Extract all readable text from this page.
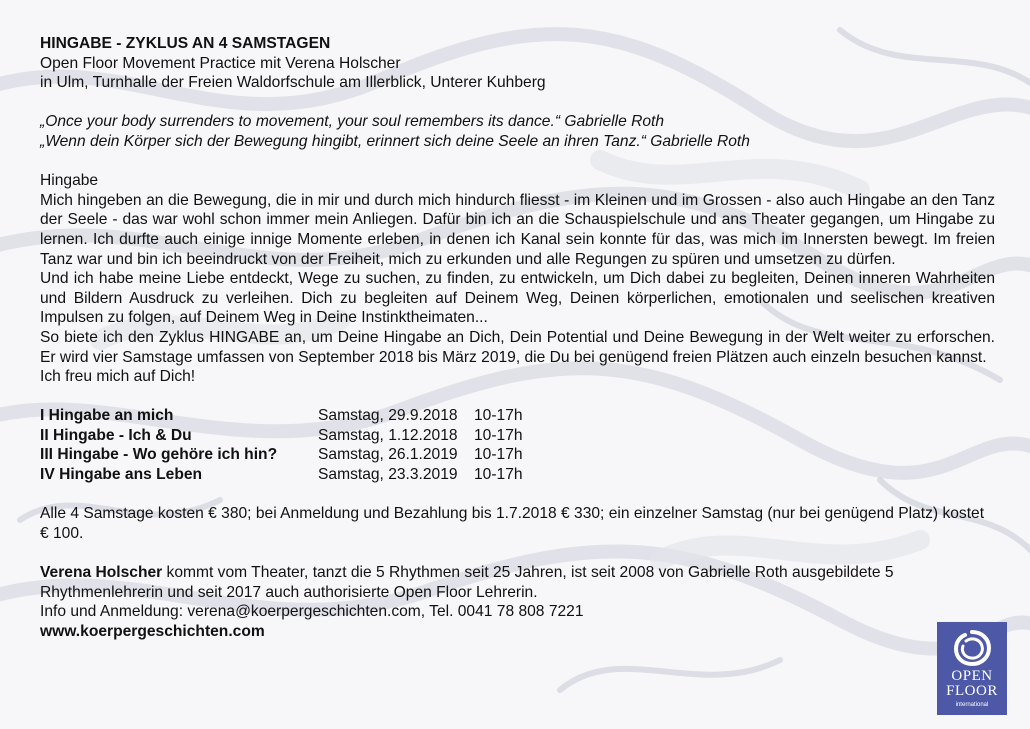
HINGABE - ZYKLUS AN 4 SAMSTAGEN

Open Floor Movement Practice mit Verena Holscher

in Ulm, Turnhalle der Freien Waldorfschule am Illerblick, Unterer Kuhberg

„Once your body surrenders to movement, your soul remembers its dance.“ Gabrielle Roth

„Wenn dein Körper sich der Bewegung hingibt, erinnert sich deine Seele an ihren Tanz.“ Gabrielle Roth

Hingabe

Mich hingeben an die Bewegung, die in mir und durch mich hindurch fliesst - im Kleinen und im Grossen - also auch Hingabe an den Tanz der Seele - das war wohl schon immer mein Anliegen. Dafür bin ich an die Schauspielschule und ans Theater gegangen, um Hingabe zu lernen. Ich durfte auch einige innige Momente erleben, in denen ich Kanal sein konnte für das, was mich im Innersten bewegt. Im freien Tanz war und bin ich beeindruckt von der Freiheit, mich zu erkunden und alle Regungen zu spüren und umsetzen zu dürfen.

Und ich habe meine Liebe entdeckt, Wege zu suchen, zu finden, zu entwickeln, um Dich dabei zu begleiten, Deinen inneren Wahrheiten und Bildern Ausdruck zu verleihen. Dich zu begleiten auf Deinem Weg, Deinen körperlichen, emotionalen und seelischen kreativen Impulsen zu folgen, auf Deinem Weg in Deine Instinktheimaten...

So biete ich den Zyklus HINGABE an, um Deine Hingabe an Dich, Dein Potential und Deine Bewegung in der Welt weiter zu erforschen. Er wird vier Samstage umfassen von September 2018 bis März 2019, die Du bei genügend freien Plätzen auch einzeln besuchen kannst.

Ich freu mich auf Dich!

I Hingabe an mich	Samstag, 29.9.2018	10-17h
II Hingabe - Ich & Du	Samstag, 1.12.2018	10-17h
III Hingabe - Wo gehöre ich hin?	Samstag, 26.1.2019	10-17h
IV Hingabe ans Leben	Samstag, 23.3.2019	10-17h

Alle 4 Samstage kosten € 380; bei Anmeldung und Bezahlung bis 1.7.2018 € 330; ein einzelner Samstag (nur bei genügend Platz) kostet € 100.

Verena Holscher kommt vom Theater, tanzt die 5 Rhythmen seit 25 Jahren, ist seit 2008 von Gabrielle Roth ausgebildete 5 Rhythmenlehrerin und seit 2017 auch authorisierte Open Floor Lehrerin.

Info und Anmeldung: verena@koerpergeschichten.com, Tel. 0041 78 808 7221

www.koerpergeschichten.com

OPEN
FLOOR
international
